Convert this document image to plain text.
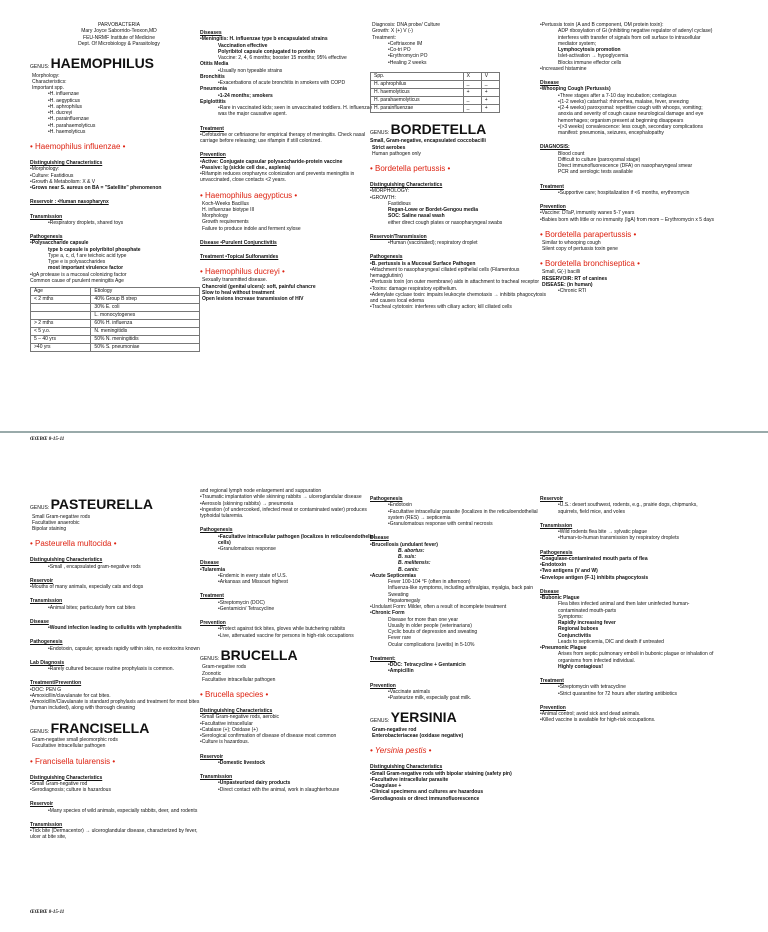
PARVOBACTERIA
Mary Joyce Saborrido-Teoxon,MD
FEU-NRMF Institute of Medicine
Dept. Of Microbiology & Parasitology
GENUS: HAEMOPHILUS
Morphology:
Characteristics:
Important spp.
•H. influenzae
•H. aegypticus
•H. aphrophilus
•H. ducreyi
•H. parainfluenzae
•H. parahaemolyticus
•H. haemolyticus
• Haemophilus influenzae •
Distinguishing Characteristics
•Morphology:
•Culture: Fastidious
•Growth & Metabolism: X & V
•Grows near S. aureus on BA = "Satellite" phenomenon
Reservoir : •Human nasopharynx
Transmission
•Respiratory droplets, shared toys
Pathogenesis
•Polysaccharide capsule
type b capsule is polyribitol phosphate
Type a, c, d, f are teichoic acid type
Type e is polysaccharides
most important virulence factor
•IgA protease is a mucosal colonizing factor
Common cause of purulent meningitis Age
Age	Etiology
< 2 mths	40% Group B strep
	30% E. coli
	L. monocytogenes
> 2 mths	60% H. influenza
< 5 y.o.	N. meningitidis
5 – 40 yrs	50% N. meningitidis
>40 yrs	50% S. pneumoniae
Diseases
•Meningitis: H. influenzae type b encapsulated strains
Vaccination effective
Polyribitol capsule conjugated to protein
Vaccine: 2, 4, 6 months; booster 15 months; 95% effective
Otitis Media
•Usually non typeable strains
Bronchitis
•Exacerbations of acute bronchitis in smokers with COPD
Pneumonia
•1-24 months; smokers
Epiglottitis
•Rare in vaccinated kids; seen in unvaccinated toddlers. H. influenzae was the major causative agent.
Treatment
•Cefotaxime or ceftriaxone for empirical therapy of meningitis. Check nasal carriage before releasing; use rifampin if still colonized.
Prevention
•Active: Conjugate capsular polysaccharide-protein vaccine
•Passive: Ig (sickle cell dse., asplenia)
•Rifampin reduces oropharynx colonization and prevents meningitis in unvaccinated, close contacts <2 years.
• Haemophilus aegypticus •
Koch-Weeks Bacillus
H. influenzae biotype III
Morphology
Growth requirements
Failure to produce indole and ferment xylose
Disease •Purulent Conjunctivitis
Treatment •Topical Sulfonamides
• Haemophilus ducreyi •
Sexually transmitted disease.
Chancroid (genital ulcers): soft, painful chancre
Slow to heal without treatment
Open lesions increase transmission of HIV
Diagnosis: DNA probe/ Culture
Growth: X (+) V (-)
Treatment:
•Ceftriaxone IM
•Co-tri PO
•Erythromycin PO
•Healing 2 weeks
Spp.	X	V
H. aphrophilus	_	_
H. haemolyticus	+	+
H. parahaemolyticus	_	+
H. parainfluenzae	_	+
GENUS: BORDETELLA
Small, Gram-negative, encapsulated coccobacilli
Strict aerobes
Human pathogen only
• Bordetella pertussis •
Distinguishing Characteristics
•MORPHOLOGY:
•GROWTH:
Fastidious
Regan-Lowe or Bordet-Gengou media
SOC: Saline nasal wash
either direct cough plates or nasopharyngeal swabs
Reservoir/Transmission
•Human (vaccinated); respiratory droplet
Pathogenesis
•B. pertussis is a Mucosal Surface Pathogen
•Attachment to nasopharyngeal ciliated epithelial cells (Filamentous hemagglutinin)
•Pertussis toxin (on outer membrane) aids in attachment to tracheal receptor
•Toxins: damage respiratory epithelium.
•Adenylate cyclase toxin: impairs leukocyte chemotaxis → inhibits phagocytosis and causes local edema
•Tracheal cytotoxin: interferes with ciliary action; kill ciliated cells
•Pertussis toxin (A and B component, OM protein toxin):
ADP ribosylation of Gi (inhibiting negative regulator of adenyl cyclase) interferes with transfer of signals from cell surface to intracellular mediator system;
Lymphocytosis promotion
Islet-activation → hypoglycemia
Blocks immune effector cells
•Increased histamine
Disease
•Whooping Cough (Pertussis)
•Three stages after a 7-10 day incubation; contagious
•(1-2 weeks) catarrhal: rhinorrhea, malaise, fever, sneezing
•(2-4 weeks) paroxysmal: repetitive cough with whoops, vomiting; anoxia and severity of cough cause neurological damage and eye hemorrhages; organism present at beginning disappears
•(>3 weeks) convalescence: less cough, secondary complications manifest: pneumonia, seizures, encephalopathy
DIAGNOSIS:
Blood count
Difficult to culture (paroxysmal stage)
Direct immunofluorescence (DFA) on nasopharyngeal smear
PCR and serologic tests available
Treatment
•Supportive care; hospitalization if <6 months, erythromycin
Prevention
•Vaccine: DTaP, immunity wanes 5-7 years
•Babies born with little or no immunity (IgA) from mom – Erythromycin x 5 days
• Bordetella parapertussis •
Similar to whooping cough
Silent copy of pertussis toxin gene
• Bordetella bronchiseptica •
Small, G(-) bacilli
RESERVOIR: RT of canines
DISEASE: (in human)
•Chronic RTI
ŒŒBŒ 8-15-11
GENUS: PASTEURELLA
Small Gram-negative rods
Facultative anaerobic
Bipolar staining
• Pasteurella multocida •
Distinguishing Characteristics
•Small , encapsulated gram-negative rods
Reservoir
•Mouths of many animals, especially cats and dogs
Transmission
•Animal bites; particularly from cat bites
Disease
•Wound infection leading to cellulitis with lymphadenitis
Pathogenesis
•Endotoxin, capsule; spreads rapidly within skin, no exotoxins known
Lab Diagnosis
•Rarely cultured because routine prophylaxis is common.
Treatment/Prevention
•DOC: PEN G
•Amoxicillin/clavulanate for cat bites.
•Amoxicillin/Clavulanate is standard prophylaxis and treatment for most bites (human included), along with thorough cleaning
GENUS: FRANCISELLA
Gram-negative small pleomorphic rods
Facultative intracellular pathogen
• Francisella tularensis •
Distinguishing Characteristics
•Small Gram-negative rod
•Serodiagnosis; culture is hazardous
Reservoir
•Many species of wild animals, especially rabbits, deer, and rodents
Transmission
•Tick bite (Dermacentor) → ulceroglandular disease, characterized by fever, ulcer at bite site,
and regional lymph node enlargement and suppuration
•Traumatic implantation while skinning rabbits → ulceroglandular disease
•Aerosols (skinning rabbits) → pneumonia
•Ingestion (of undercooked, infected meat or contaminated water) produces typhoidal tularemia.
Pathogenesis
•Facultative intracellular pathogen (localizes in reticuloendothelial cells)
•Granulomatous response
Disease
•Tularemia
•Endemic in every state of U.S.
•Arkansas and Missouri highest
Treatment
•Streptomycin (DOC)
•Gentamicin/ Tetracycline
Prevention
•Protect against tick bites, gloves while butchering rabbits
•Live, attenuated vaccine for persons in high-risk occupations
GENUS: BRUCELLA
Gram-negative rods
Zoonotic
Facultative intracellular pathogen
• Brucella species •
Distinguishing Characteristics
•Small Gram-negative rods, aerobic
•Facultative intracellular
•Catalase (+); Oxidase (+)
•Serological confirmation of disease of disease most common
•Culture is hazardous.
Reservoir
•Domestic livestock
Transmission
•Unpasteurized dairy products
•Direct contact with the animal, work in slaughterhouse
Pathogenesis
•Endotoxin
•Facultative intracellular parasite (localizes in the reticuloendothelial system (RES) → septicemia
•Granulomatous response with central necrosis
Disease
•Brucellosis (undulant fever)
B. abortus:
B. suis:
B. melitensis:
B. canis:
•Acute Septicemias
Fever 100-104 °F (often in afternoon)
Influenza-like symptoms, including arthralgias, myalgia, back pain
Sweating
Hepatomegaly
•Undulant Form: Milder, often a result of incomplete treatment
•Chronic Form
Disease for more than one year
Usually in older people (veterinarians)
Cyclic bouts of depression and sweating
Fever rare
Ocular complications (uveitis) in 5-10%
Treatment:
•DOC: Tetracycline + Gentamicin
•Ampicillin
Prevention
•Vaccinate animals
•Pasteurize milk, especially goat milk.
GENUS: YERSINIA
Gram-negative rod
Enterobacteriaceae (oxidase negative)
• Yersinia pestis •
Distinguishing Characteristics
•Small Gram-negative rods with bipolar staining (safety pin)
•Facultative intracellular parasite
•Coagulase +
•Clinical specimens and cultures are hazardous
•Serodiagnosis or direct immunofluorescence
Reservoir
•U.S.: desert southwest, rodents, e.g., prairie dogs, chipmunks, squirrels, field mice, and voles
Transmission
•Wild rodents flea bite → sylvatic plague
•Human-to-human transmission by respiratory droplets
Pathogenesis
•Coagulase-contaminated mouth parts of flea
•Endotoxin
•Two antigens (V and W)
•Envelope antigen (F-1) inhibits phagocytosis
Disease
•Bubonic Plague
Flea bites infected animal and then later uninfected human-contaminated mouth-parts
Symptoms:
Rapidly increasing fever
Regional buboes
Conjunctivitis
Leads to septicemia, DIC and death if untreated
•Pneumonic Plague
Arises from septic pulmonary emboli in bubonic plague or inhalation of organisms from infected individual.
Highly contagious!
Treatment
•Streptomycin with tetracycline
•Strict quarantine for 72 hours after starting antibiotics
Prevention
•Animal control; avoid sick and dead animals.
•Killed vaccine is available for high-risk occupations.
ŒŒBŒ 8-15-11
